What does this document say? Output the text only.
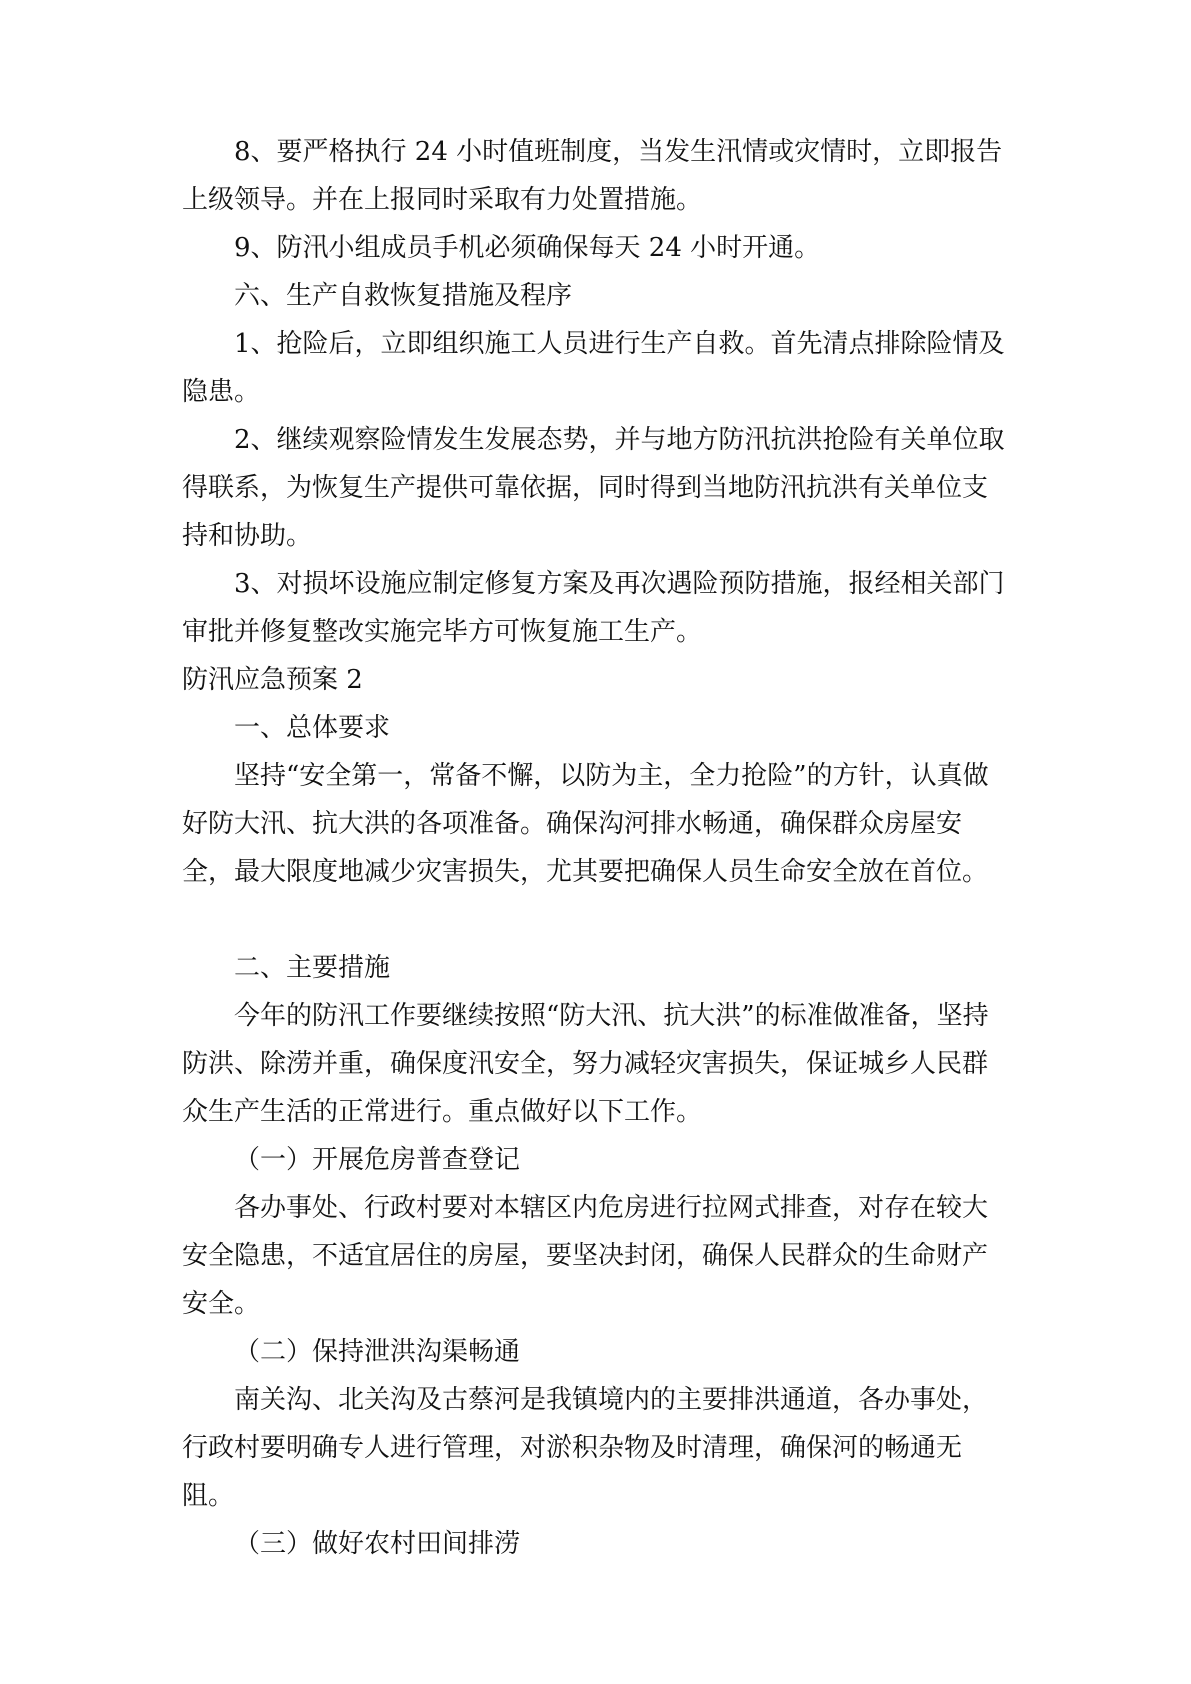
8、要严格执行 24 小时值班制度，当发生汛情或灾情时，立即报告上级领导。并在上报同时采取有力处置措施。

9、防汛小组成员手机必须确保每天 24 小时开通。

六、生产自救恢复措施及程序

1、抢险后，立即组织施工人员进行生产自救。首先清点排除险情及隐患。

2、继续观察险情发生发展态势，并与地方防汛抗洪抢险有关单位取得联系，为恢复生产提供可靠依据，同时得到当地防汛抗洪有关单位支持和协助。

3、对损坏设施应制定修复方案及再次遇险预防措施，报经相关部门审批并修复整改实施完毕方可恢复施工生产。

防汛应急预案 2

一、总体要求

坚持“安全第一，常备不懈，以防为主，全力抢险”的方针，认真做好防大汛、抗大洪的各项准备。确保沟河排水畅通，确保群众房屋安全，最大限度地减少灾害损失，尤其要把确保人员生命安全放在首位。

二、主要措施

今年的防汛工作要继续按照“防大汛、抗大洪”的标准做准备，坚持防洪、除涝并重，确保度汛安全，努力减轻灾害损失，保证城乡人民群众生产生活的正常进行。重点做好以下工作。

（一）开展危房普查登记

各办事处、行政村要对本辖区内危房进行拉网式排查，对存在较大安全隐患，不适宜居住的房屋，要坚决封闭，确保人民群众的生命财产安全。

（二）保持泄洪沟渠畅通

南关沟、北关沟及古蔡河是我镇境内的主要排洪通道，各办事处，行政村要明确专人进行管理，对淤积杂物及时清理，确保河的畅通无阻。

（三）做好农村田间排涝
